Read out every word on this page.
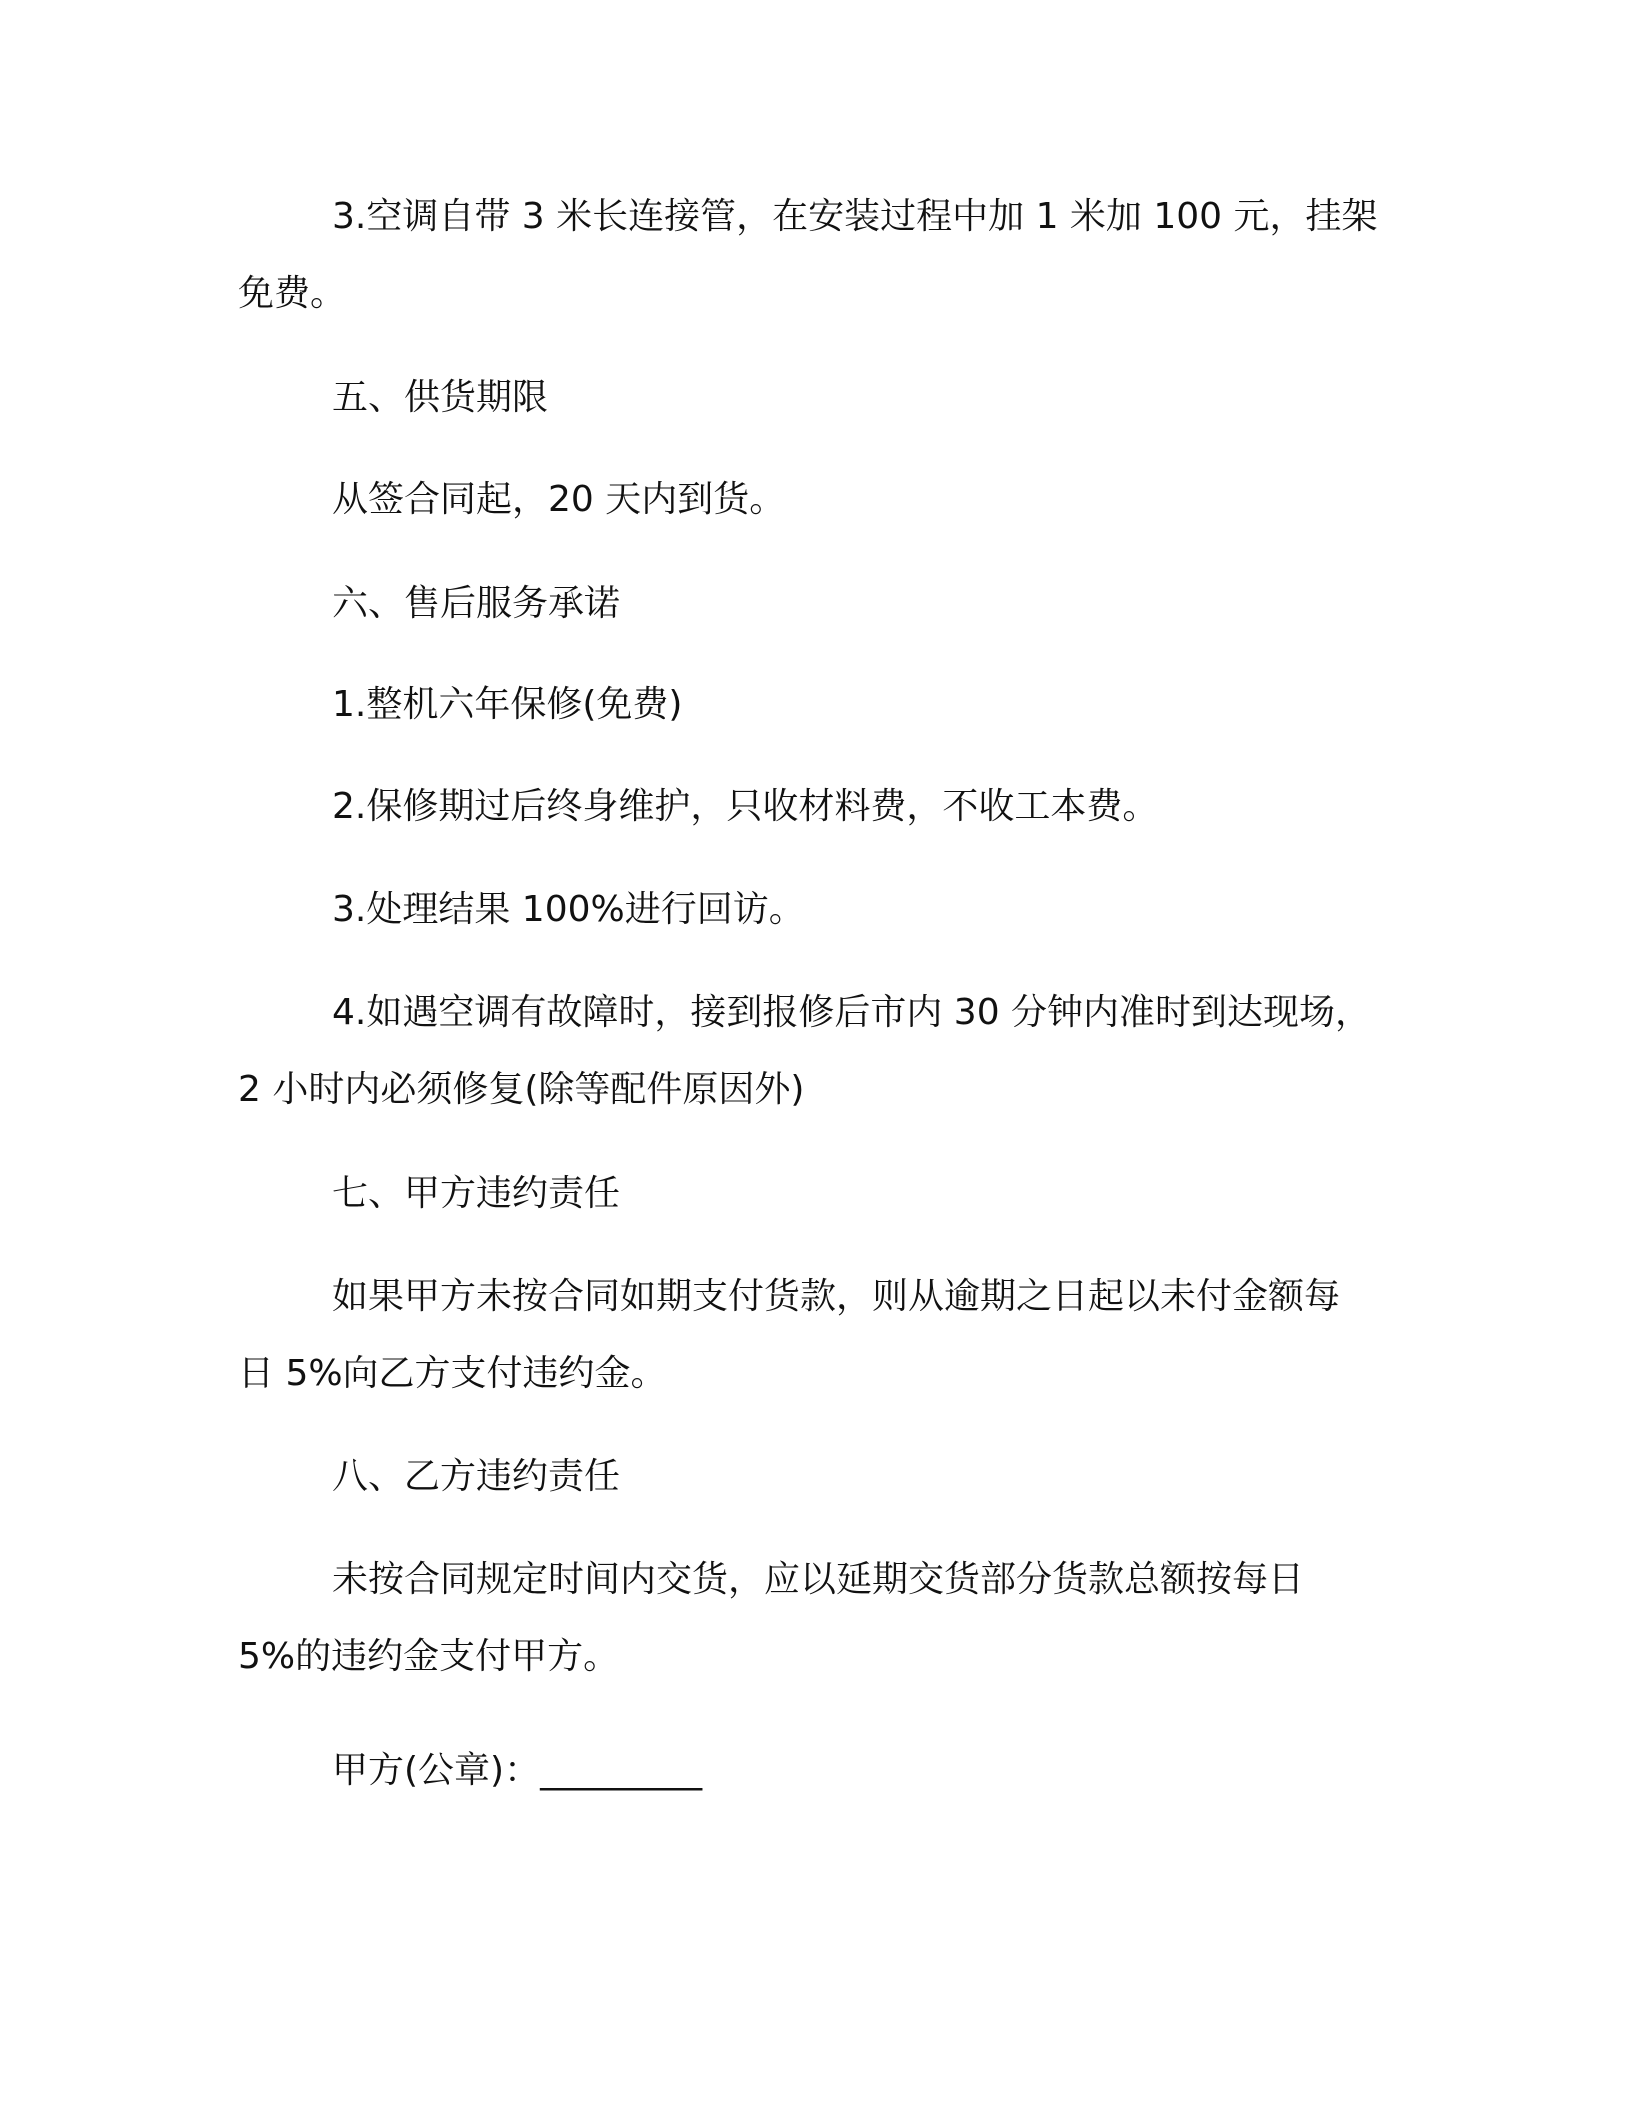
3.空调自带 3 米长连接管，在安装过程中加 1 米加 100 元，挂架
免费。
五、供货期限
从签合同起，20 天内到货。
六、售后服务承诺
1.整机六年保修(免费)
2.保修期过后终身维护，只收材料费，不收工本费。
3.处理结果 100%进行回访。
4.如遇空调有故障时，接到报修后市内 30 分钟内准时到达现场，
2 小时内必须修复(除等配件原因外)
七、甲方违约责任
如果甲方未按合同如期支付货款，则从逾期之日起以未付金额每
日 5%向乙方支付违约金。
八、乙方违约责任
未按合同规定时间内交货，应以延期交货部分货款总额按每日
5%的违约金支付甲方。
甲方(公章)：_________
